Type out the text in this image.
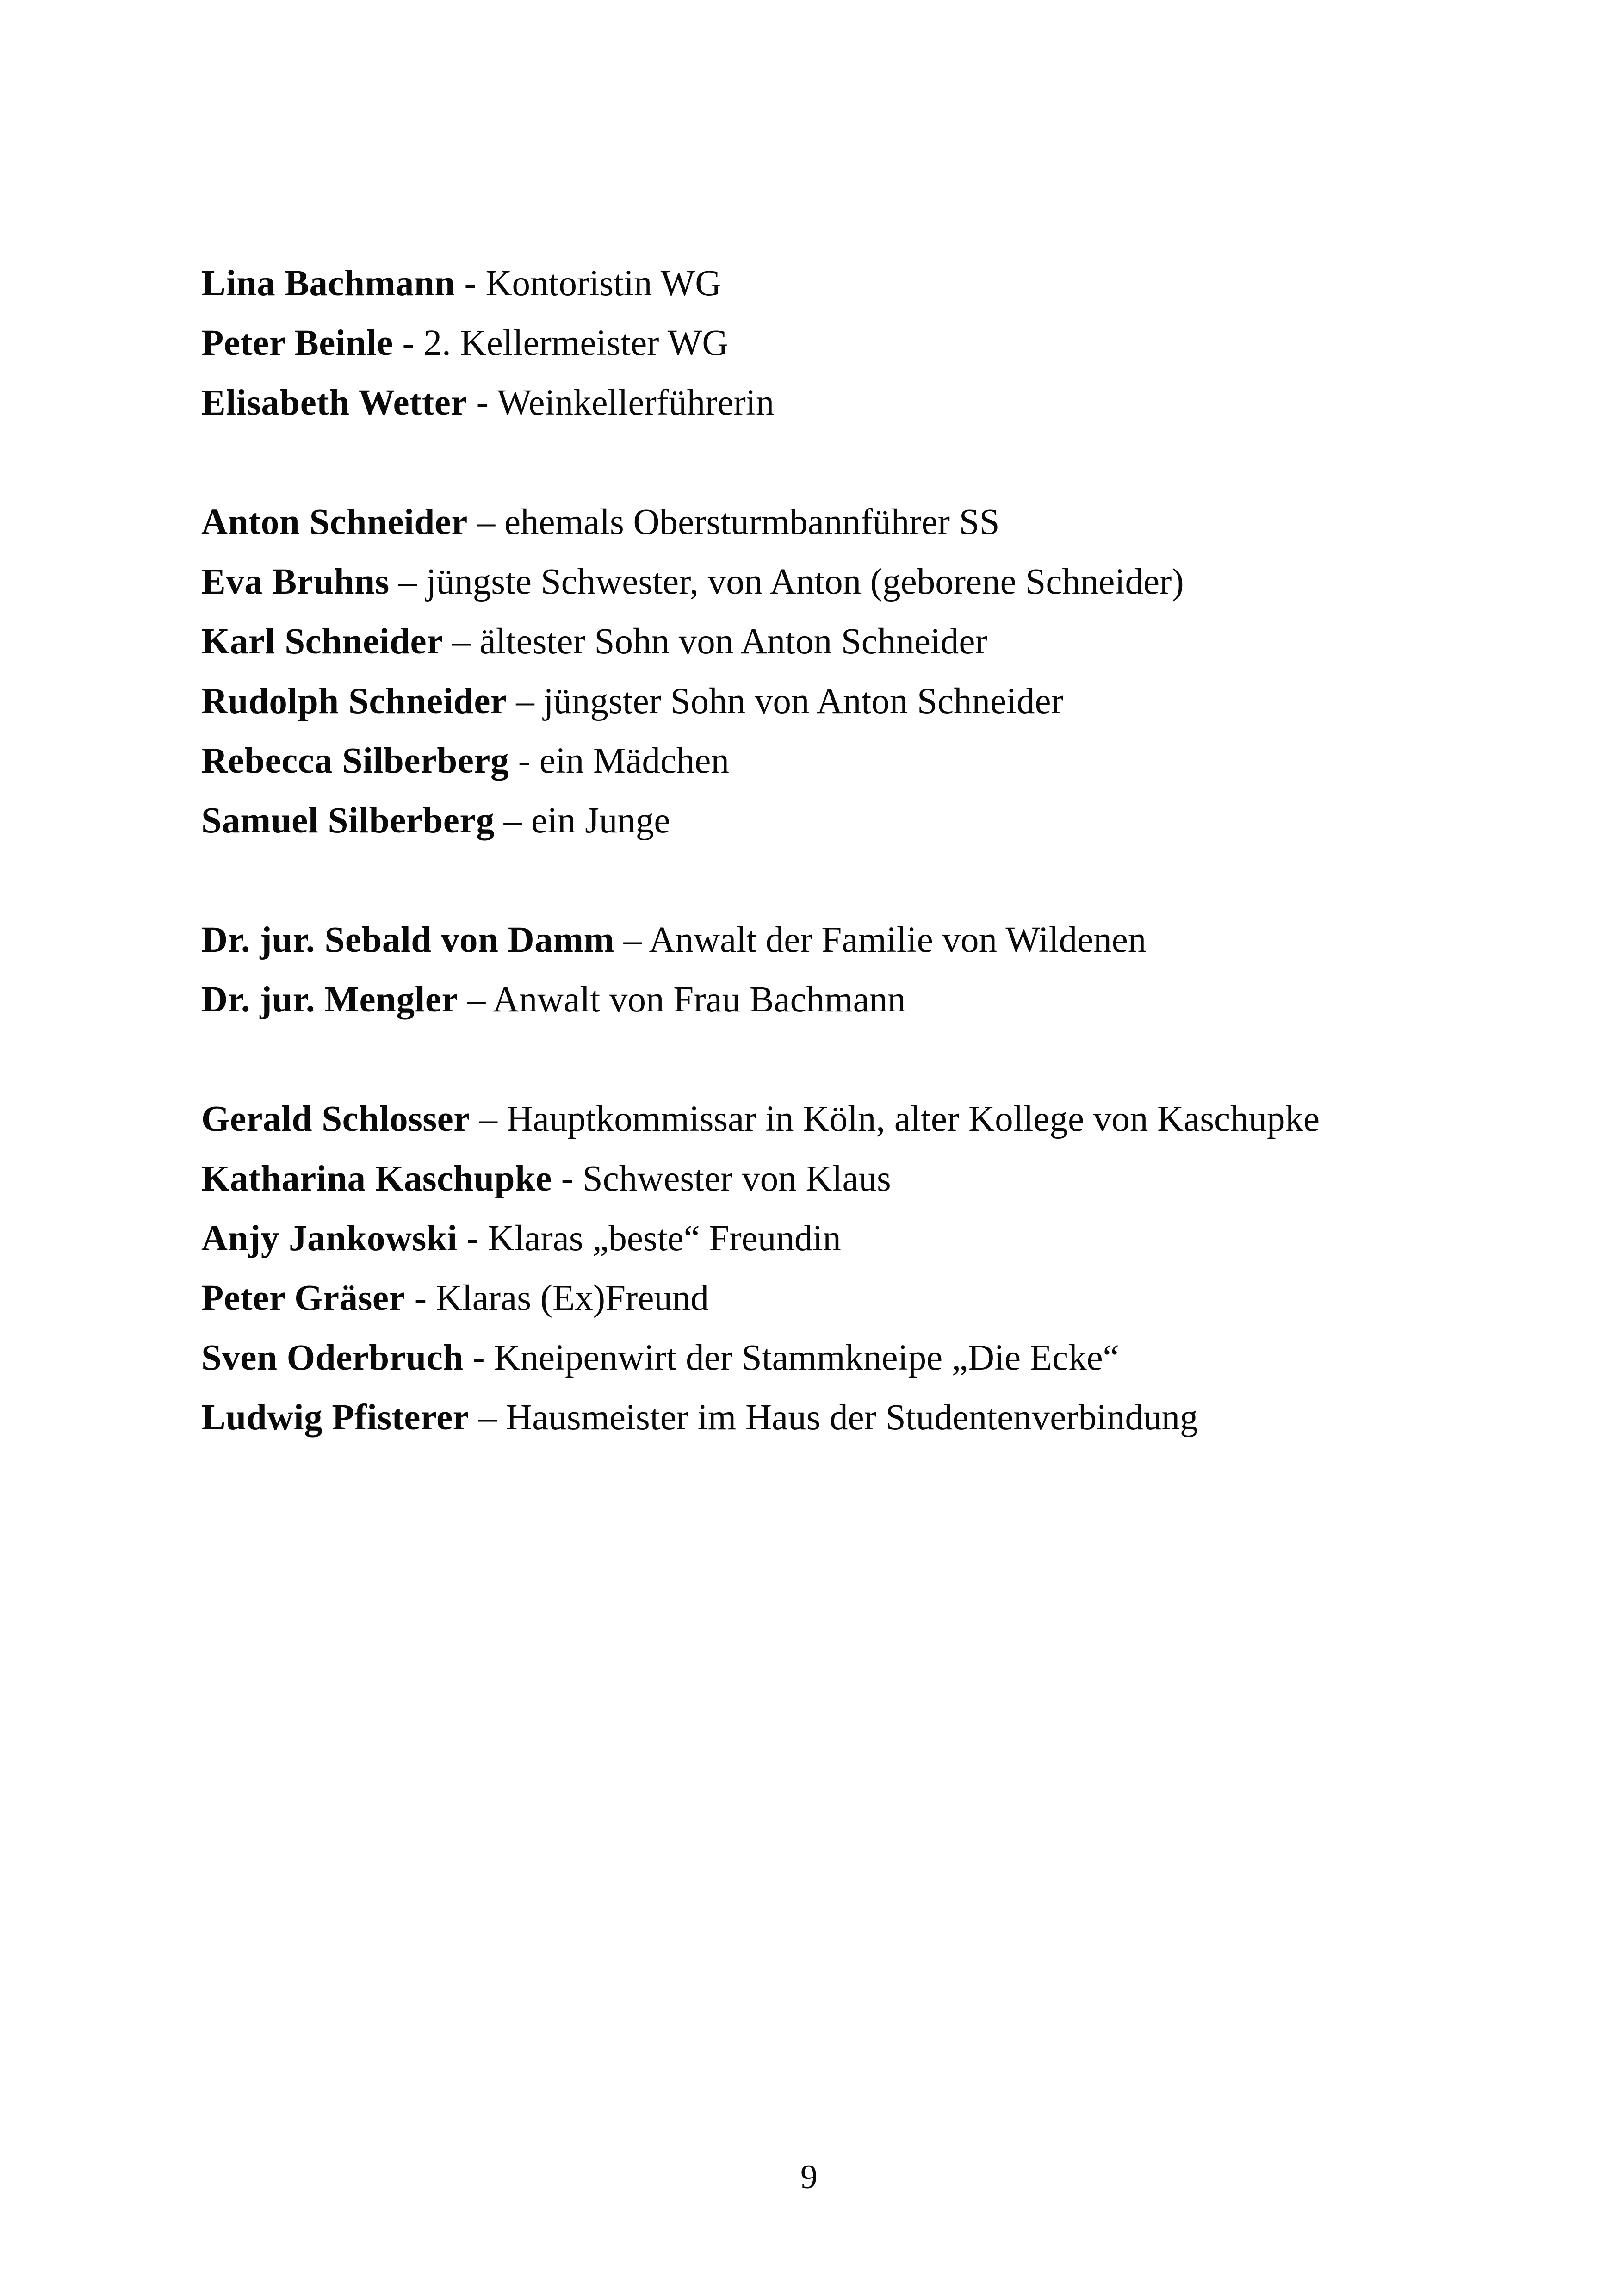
Lina Bachmann - Kontoristin WG

Peter Beinle - 2. Kellermeister WG

Elisabeth Wetter - Weinkellerführerin

Anton Schneider – ehemals Obersturmbannführer SS

Eva Bruhns – jüngste Schwester, von Anton (geborene Schneider)

Karl Schneider – ältester Sohn von Anton Schneider

Rudolph Schneider – jüngster Sohn von Anton Schneider

Rebecca Silberberg - ein Mädchen

Samuel Silberberg – ein Junge

Dr. jur. Sebald von Damm – Anwalt der Familie von Wildenen

Dr. jur. Mengler – Anwalt von Frau Bachmann

Gerald Schlosser – Hauptkommissar in Köln, alter Kollege von Kaschupke

Katharina Kaschupke - Schwester von Klaus

Anjy Jankowski - Klaras „beste“ Freundin

Peter Gräser - Klaras (Ex)Freund

Sven Oderbruch - Kneipenwirt der Stammkneipe „Die Ecke“

Ludwig Pfisterer – Hausmeister im Haus der Studentenverbindung

9
